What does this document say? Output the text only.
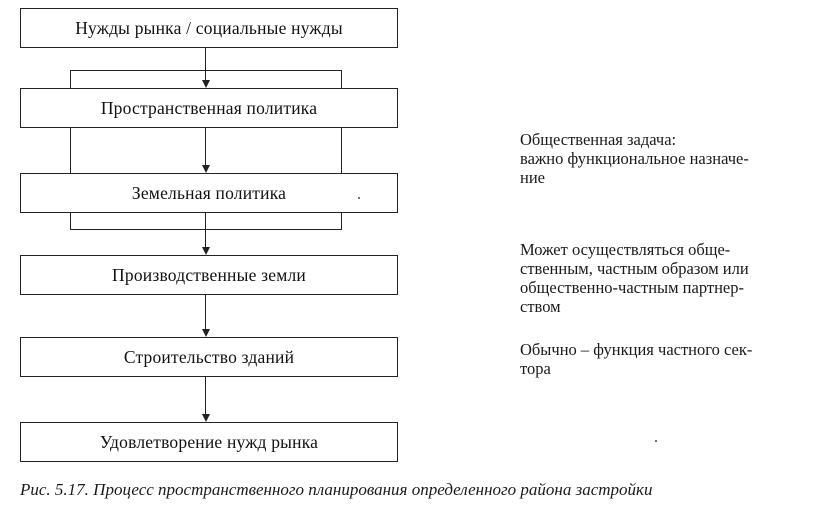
Нужды рынка / социальные нужды
Пространственная политика
Земельная политика
Производственные земли
Строительство зданий
Удовлетворение нужд рынка
Общественная задача:
важно функциональное назначе-
ние
Может осуществляться обще-
ственным, частным образом или
общественно-частным партнер-
ством
Обычно – функция частного сек-
тора
Рис. 5.17. Процесс пространственного планирования определенного района застройки
